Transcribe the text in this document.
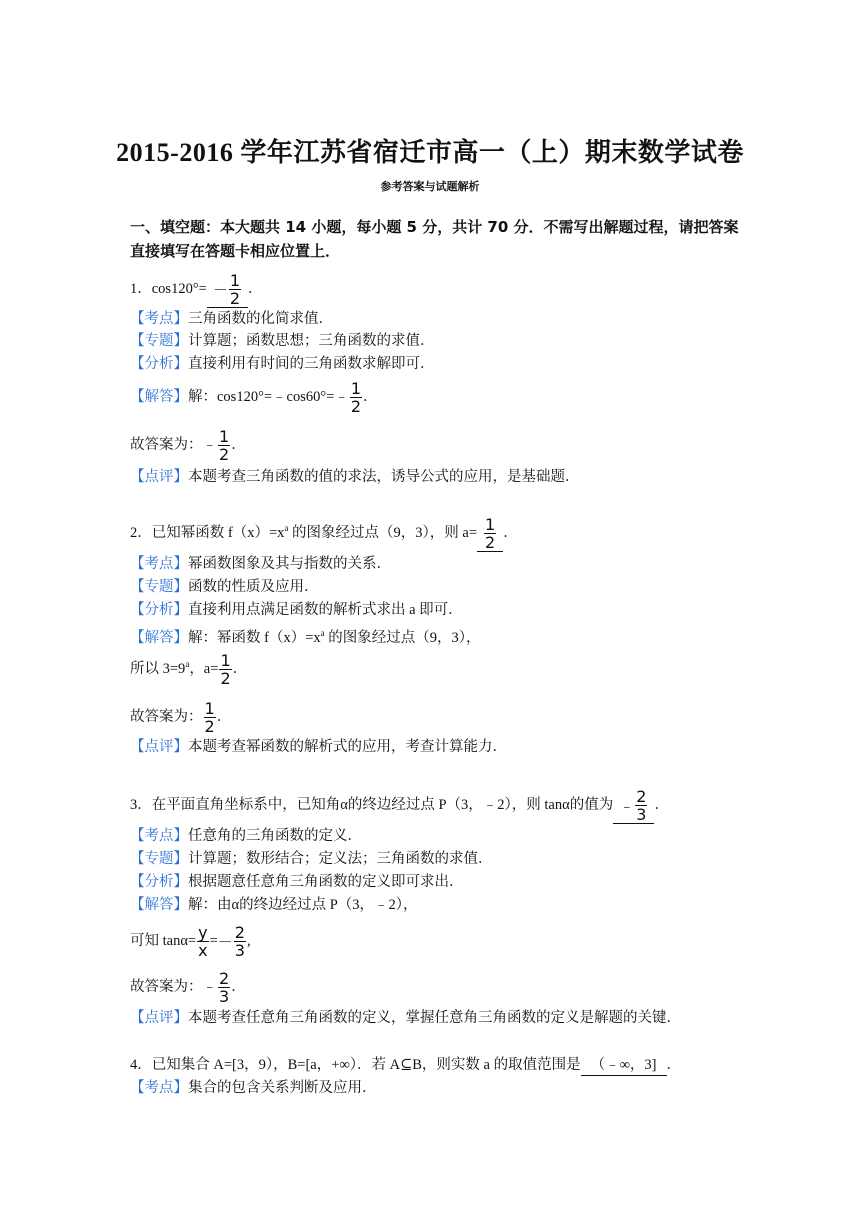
2015-2016 学年江苏省宿迁市高一（上）期末数学试卷
参考答案与试题解析
一、填空题：本大题共 14 小题，每小题 5 分，共计 70 分．不需写出解题过程，请把答案
直接填写在答题卡相应位置上．
1．$\cos 120^\circ= - \frac{1}{2}$ ．
【考点】三角函数的化简求值．
【专题】计算题；函数思想；三角函数的求值．
【分析】直接利用有时间的三角函数求解即可．
【解答】解：cos120°=﹣cos60°=﹣ $\frac{1}{2}$ ．
故答案为：﹣ $\frac{1}{2}$ ．
【点评】本题考查三角函数的值的求法，诱导公式的应用，是基础题．
2．已知幂函数 $f(x)=x^a$ 的图象经过点（9，3），则 $a= \frac{1}{2}$ ．
【考点】幂函数图象及其与指数的关系．
【专题】函数的性质及应用．
【分析】直接利用点满足函数的解析式求出 a 即可．
【解答】解：幂函数 $f(x)=x^a$ 的图象经过点（9，3），
所以 $3=9^a$，$a= \frac{1}{2}$ ．
故答案为： $\frac{1}{2}$ ．
【点评】本题考查幂函数的解析式的应用，考查计算能力．
3．在平面直角坐标系中，已知角α的终边经过点 P（3，﹣2），则 tanα的值为 ﹣ $\frac{2}{3}$ ．
【考点】任意角的三角函数的定义．
【专题】计算题；数形结合；定义法；三角函数的求值．
【分析】根据题意任意角三角函数的定义即可求出．
【解答】解：由α的终边经过点 P（3，﹣2），
可知 $\tan\alpha= \frac{y}{x} =- \frac{2}{3}$ ,
故答案为：﹣ $\frac{2}{3}$ ．
【点评】本题考查任意角三角函数的定义，掌握任意角三角函数的定义是解题的关键．
4．已知集合 A=[3，9），B=[a，+∞）．若 A⊆B，则实数 a 的取值范围是 （﹣∞，3] ．
【考点】集合的包含关系判断及应用．
